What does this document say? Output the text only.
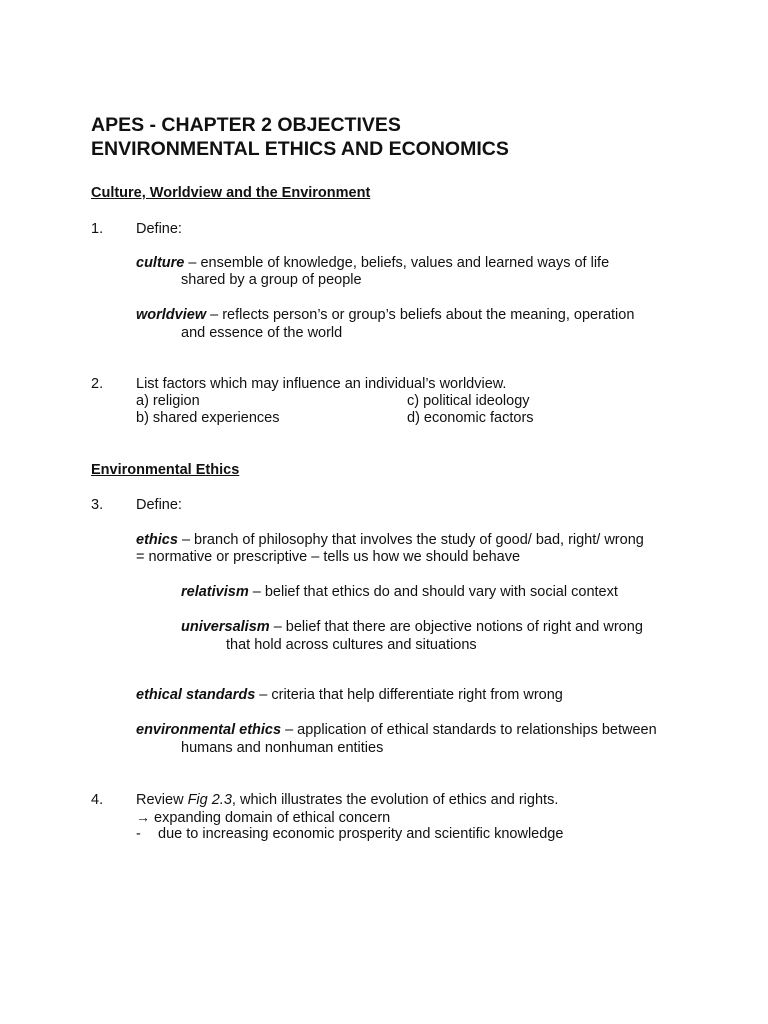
APES - CHAPTER 2 OBJECTIVES
ENVIRONMENTAL ETHICS AND ECONOMICS
Culture, Worldview and the Environment
1. Define:
culture – ensemble of knowledge, beliefs, values and learned ways of life
shared by a group of people
worldview – reflects person’s or group’s beliefs about the meaning, operation
and essence of the world
2. List factors which may influence an individual’s worldview.
a) religion
b) shared experiences
c) political ideology
d) economic factors
Environmental Ethics
3. Define:
ethics – branch of philosophy that involves the study of good/ bad, right/ wrong
= normative or prescriptive – tells us how we should behave
relativism – belief that ethics do and should vary with social context
universalism – belief that there are objective notions of right and wrong
that hold across cultures and situations
ethical standards – criteria that help differentiate right from wrong
environmental ethics – application of ethical standards to relationships between
humans and nonhuman entities
4. Review Fig 2.3, which illustrates the evolution of ethics and rights.
→ expanding domain of ethical concern
- due to increasing economic prosperity and scientific knowledge
